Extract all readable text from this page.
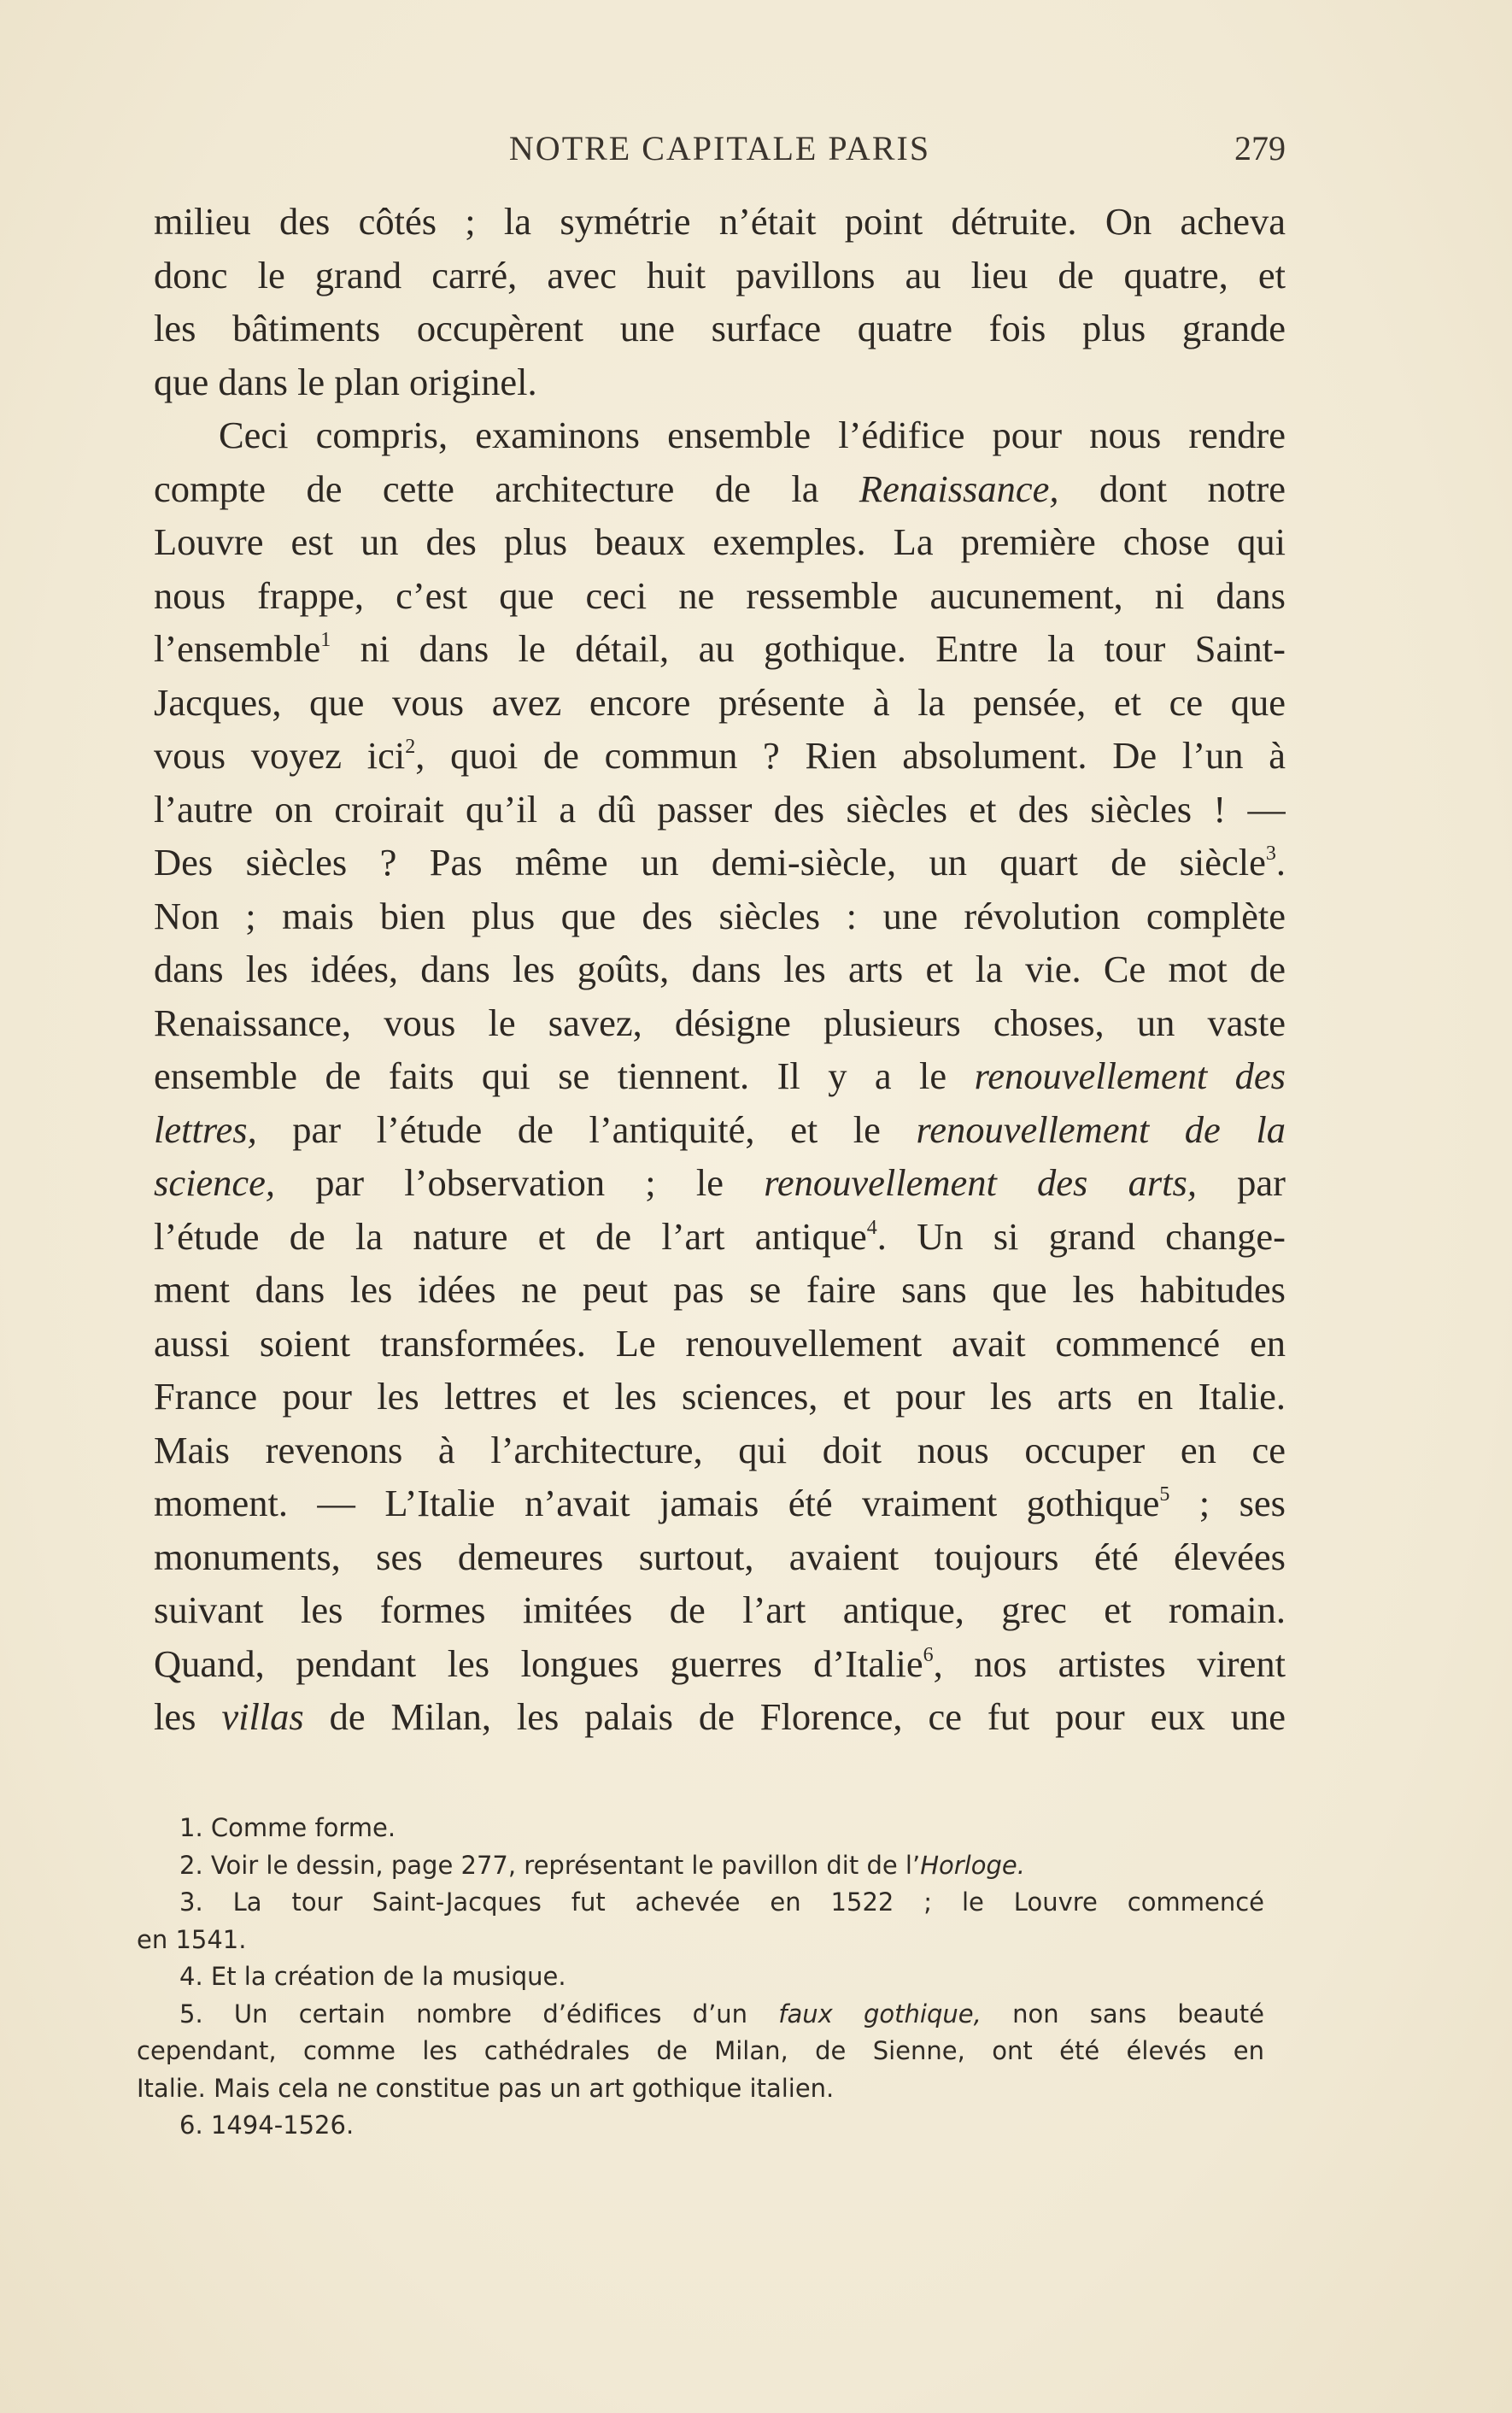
NOTRE CAPITALE PARIS	279
milieu des côtés ; la symétrie n’était point détruite. On acheva
donc le grand carré, avec huit pavillons au lieu de quatre, et
les bâtiments occupèrent une surface quatre fois plus grande
que dans le plan originel.
Ceci compris, examinons ensemble l’édifice pour nous rendre
compte de cette architecture de la Renaissance, dont notre
Louvre est un des plus beaux exemples. La première chose qui
nous frappe, c’est que ceci ne ressemble aucunement, ni dans
l’ensemble$^1$ ni dans le détail, au gothique. Entre la tour Saint-
Jacques, que vous avez encore présente à la pensée, et ce que
vous voyez ici$^2$, quoi de commun ? Rien absolument. De l’un à
l’autre on croirait qu’il a dû passer des siècles et des siècles ! —
Des siècles ? Pas même un demi-siècle, un quart de siècle$^3$.
Non ; mais bien plus que des siècles : une révolution complète
dans les idées, dans les goûts, dans les arts et la vie. Ce mot de
Renaissance, vous le savez, désigne plusieurs choses, un vaste
ensemble de faits qui se tiennent. Il y a le renouvellement des
lettres, par l’étude de l’antiquité, et le renouvellement de la
science, par l’observation ; le renouvellement des arts, par
l’étude de la nature et de l’art antique$^4$. Un si grand change-
ment dans les idées ne peut pas se faire sans que les habitudes
aussi soient transformées. Le renouvellement avait commencé en
France pour les lettres et les sciences, et pour les arts en Italie.
Mais revenons à l’architecture, qui doit nous occuper en ce
moment. — L’Italie n’avait jamais été vraiment gothique$^5$ ; ses
monuments, ses demeures surtout, avaient toujours été élevées
suivant les formes imitées de l’art antique, grec et romain.
Quand, pendant les longues guerres d’Italie$^6$, nos artistes virent
les villas de Milan, les palais de Florence, ce fut pour eux une
1. Comme forme.
2. Voir le dessin, page 277, représentant le pavillon dit de l’Horloge.
3. La tour Saint-Jacques fut achevée en 1522 ; le Louvre commencé
en 1541.
4. Et la création de la musique.
5. Un certain nombre d’édifices d’un faux gothique, non sans beauté
cependant, comme les cathédrales de Milan, de Sienne, ont été élevés en
Italie. Mais cela ne constitue pas un art gothique italien.
6. 1494-1526.
